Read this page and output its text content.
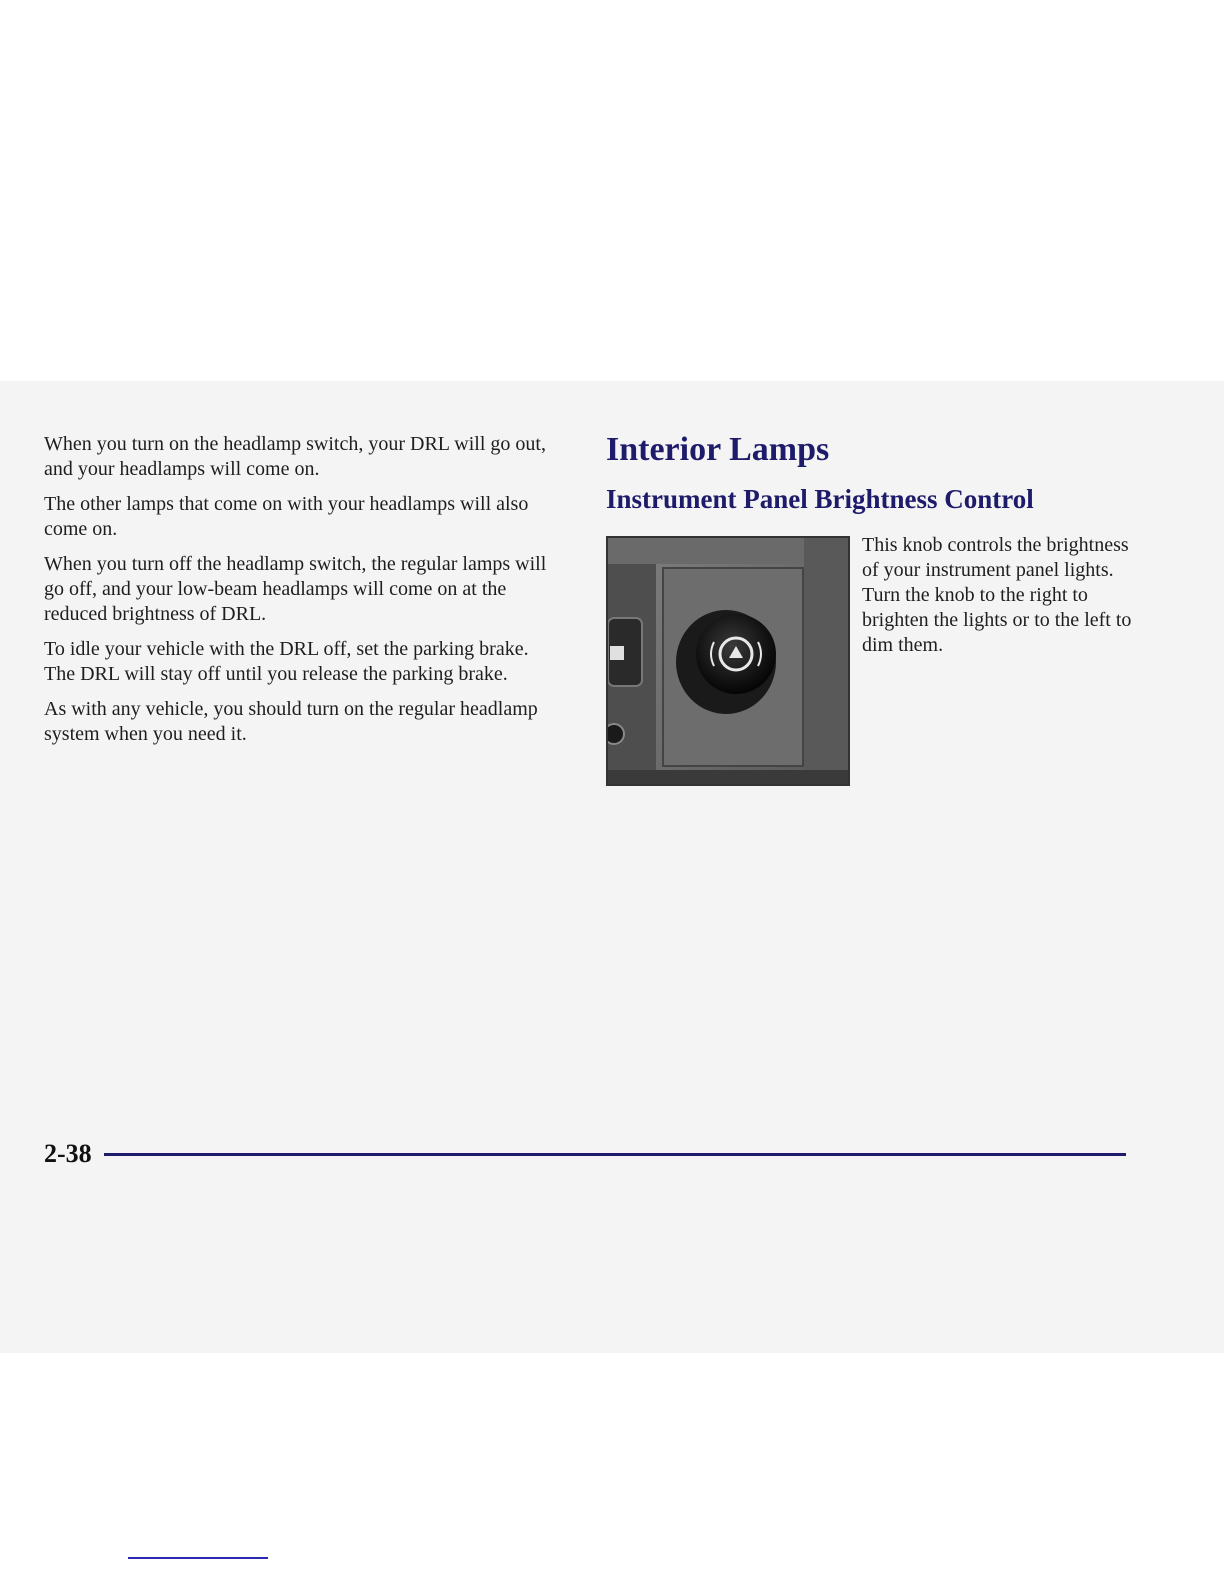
When you turn on the headlamp switch, your DRL will go out, and your headlamps will come on.

The other lamps that come on with your headlamps will also come on.

When you turn off the headlamp switch, the regular lamps will go off, and your low-beam headlamps will come on at the reduced brightness of DRL.

To idle your vehicle with the DRL off, set the parking brake. The DRL will stay off until you release the parking brake.

As with any vehicle, you should turn on the regular headlamp system when you need it.

Interior Lamps
Instrument Panel Brightness Control

This knob controls the brightness of your instrument panel lights. Turn the knob to the right to brighten the lights or to the left to dim them.

2-38
